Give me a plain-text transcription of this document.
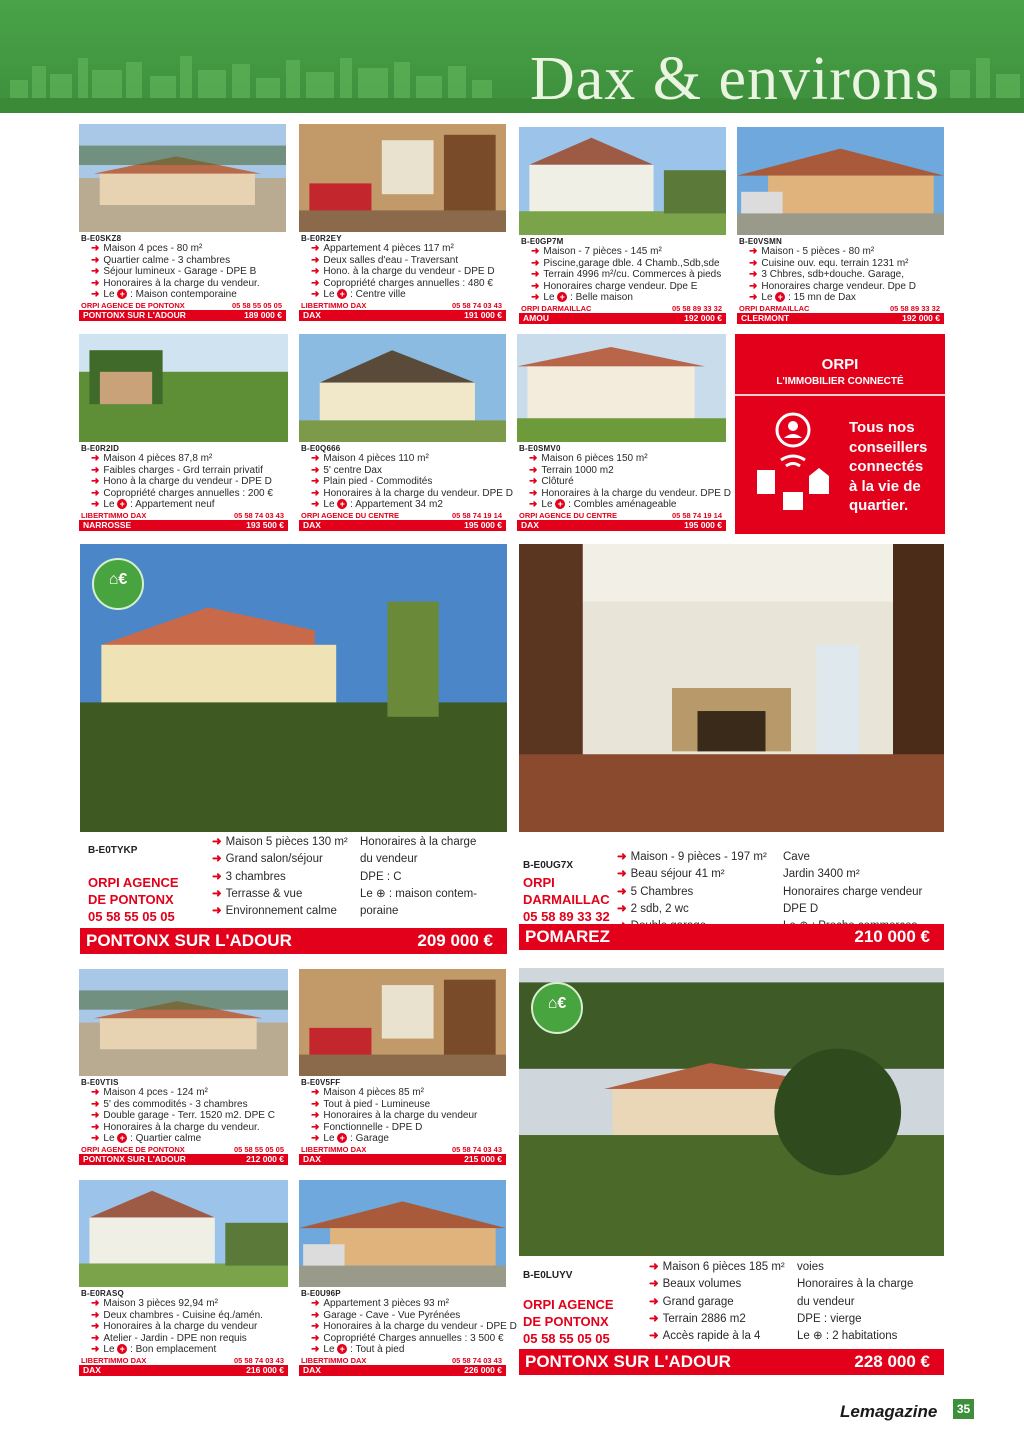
Dax & environs
B-E0SKZ8
➜ Maison 4 pces - 80 m²
➜ Quartier calme - 3 chambres
➜ Séjour lumineux - Garage - DPE B
➜ Honoraires à la charge du vendeur.
➜ Le + : Maison contemporaine
ORPI AGENCE DE PONTONX	05 58 55 05 05
PONTONX SUR L'ADOUR	189 000 €
B-E0R2EY
➜ Appartement 4 pièces 117 m²
➜ Deux salles d'eau - Traversant
➜ Hono. à la charge du vendeur - DPE D
➜ Copropriété charges annuelles : 480 €
➜ Le + : Centre ville
LIBERTIMMO DAX	05 58 74 03 43
DAX	191 000 €
B-E0GP7M
➜ Maison - 7 pièces - 145 m²
➜ Piscine,garage dble. 4 Chamb.,Sdb,sde
➜ Terrain 4996 m²/cu. Commerces à pieds
➜ Honoraires charge vendeur. Dpe E
➜ Le + : Belle maison
ORPI DARMAILLAC	05 58 89 33 32
AMOU	192 000 €
B-E0VSMN
➜ Maison - 5 pièces - 80 m²
➜ Cuisine ouv. equ. terrain 1231 m²
➜ 3 Chbres, sdb+douche. Garage,
➜ Honoraires charge vendeur. Dpe D
➜ Le + : 15 mn de Dax
ORPI DARMAILLAC	05 58 89 33 32
CLERMONT	192 000 €
B-E0R2ID
➜ Maison 4 pièces 87,8 m²
➜ Faibles charges - Grd terrain privatif
➜ Hono à la charge du vendeur - DPE D
➜ Copropriété charges annuelles : 200 €
➜ Le + : Appartement neuf
LIBERTIMMO DAX	05 58 74 03 43
NARROSSE	193 500 €
B-E0Q666
➜ Maison 4 pièces 110 m²
➜ 5' centre Dax
➜ Plain pied - Commodités
➜ Honoraires à la charge du vendeur. DPE D
➜ Le + : Appartement 34 m2
ORPI AGENCE DU CENTRE	05 58 74 19 14
DAX	195 000 €
B-E0SMV0
➜ Maison 6 pièces 150 m²
➜ Terrain 1000 m2
➜ Clôturé
➜ Honoraires à la charge du vendeur. DPE D
➜ Le + : Combles aménageable
ORPI AGENCE DU CENTRE	05 58 74 19 14
DAX	195 000 €
B-E0VTIS
➜ Maison 4 pces - 124 m²
➜ 5' des commodités - 3 chambres
➜ Double garage - Terr. 1520 m2. DPE C
➜ Honoraires à la charge du vendeur.
➜ Le + : Quartier calme
ORPI AGENCE DE PONTONX	05 58 55 05 05
PONTONX SUR L'ADOUR	212 000 €
B-E0V5FF
➜ Maison 4 pièces 85 m²
➜ Tout à pied - Lumineuse
➜ Honoraires à la charge du vendeur
➜ Fonctionnelle - DPE D
➜ Le + : Garage
LIBERTIMMO DAX	05 58 74 03 43
DAX	215 000 €
B-E0RASQ
➜ Maison 3 pièces 92,94 m²
➜ Deux chambres - Cuisine éq./amén.
➜ Honoraires à la charge du vendeur
➜ Atelier - Jardin - DPE non requis
➜ Le + : Bon emplacement
LIBERTIMMO DAX	05 58 74 03 43
DAX	216 000 €
B-E0U96P
➜ Appartement 3 pièces 93 m²
➜ Garage - Cave - Vue Pyrénées
➜ Honoraires à la charge du vendeur - DPE D
➜ Copropriété Charges annuelles : 3 500 €
➜ Le + : Tout à pied
LIBERTIMMO DAX	05 58 74 03 43
DAX	226 000 €
ORPI
L'IMMOBILIER CONNECTÉ
Tous nos
conseillers
connectés
à la vie de
quartier.
⌂€
B-E0TYKP
ORPI AGENCE
DE PONTONX
05 58 55 05 05
➜ Maison 5 pièces 130 m²
➜ Grand salon/séjour
➜ 3 chambres
➜ Terrasse & vue
➜ Environnement calme
Honoraires à la charge
du vendeur
DPE : C
Le ⊕ : maison contem-
poraine
PONTONX SUR L'ADOUR	209 000 €
B-E0UG7X
ORPI
DARMAILLAC
05 58 89 33 32
➜ Maison - 9 pièces - 197 m²
➜ Beau séjour 41 m²
➜ 5 Chambres
➜ 2 sdb, 2 wc
Cave
Jardin 3400 m²
Honoraires charge vendeur
DPE D
POMAREZ	210 000 €
⌂€
B-E0LUYV
ORPI AGENCE
DE PONTONX
05 58 55 05 05
➜ Maison 6 pièces 185 m²
➜ Beaux volumes
➜ Grand garage
➜ Terrain 2886 m2
➜ Accès rapide à la 4
voies
Honoraires à la charge
du vendeur
DPE : vierge
Le ⊕ : 2 habitations
PONTONX SUR L'ADOUR	228 000 €
Lemagazine	35
